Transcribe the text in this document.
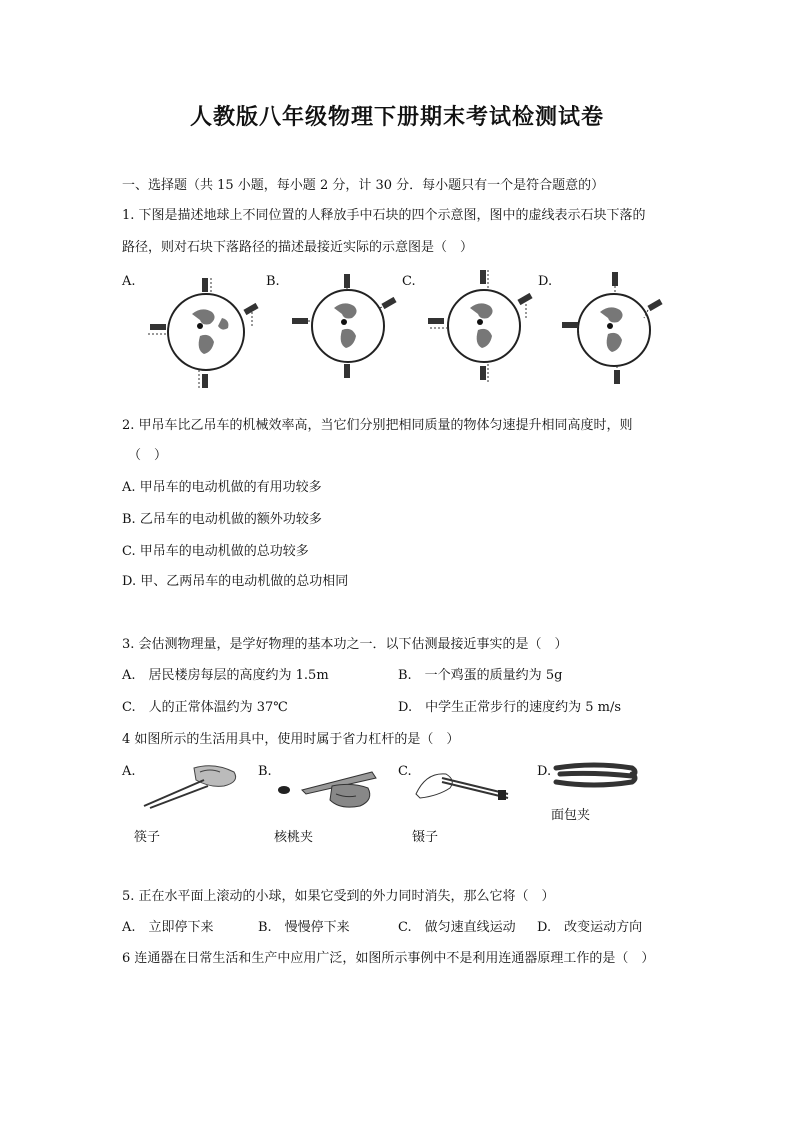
人教版八年级物理下册期末考试检测试卷
一、选择题（共 15 小题，每小题 2 分，计 30 分．每小题只有一个是符合题意的）
1. 下图是描述地球上不同位置的人释放手中石块的四个示意图，图中的虚线表示石块下落的
路径，则对石块下落路径的描述最接近实际的示意图是（　）
A.	B.	C.	D.
2. 甲吊车比乙吊车的机械效率高，当它们分别把相同质量的物体匀速提升相同高度时，则
（　）
A. 甲吊车的电动机做的有用功较多
B. 乙吊车的电动机做的额外功较多
C. 甲吊车的电动机做的总功较多
D. 甲、乙两吊车的电动机做的总功相同
3. 会估测物理量，是学好物理的基本功之一．以下估测最接近事实的是（　）
A.　居民楼房每层的高度约为 1.5m	B.　一个鸡蛋的质量约为 5g
C.　人的正常体温约为 37℃	D.　中学生正常步行的速度约为 5 m/s
4 如图所示的生活用具中，使用时属于省力杠杆的是（　）
A.	B.	C.	D.
筷子	核桃夹	镊子
面包夹
5. 正在水平面上滚动的小球，如果它受到的外力同时消失，那么它将（　）
A.　立即停下来	B.　慢慢停下来	C.　做匀速直线运动 D.　改变运动方向
6 连通器在日常生活和生产中应用广泛，如图所示事例中不是利用连通器原理工作的是（　）
